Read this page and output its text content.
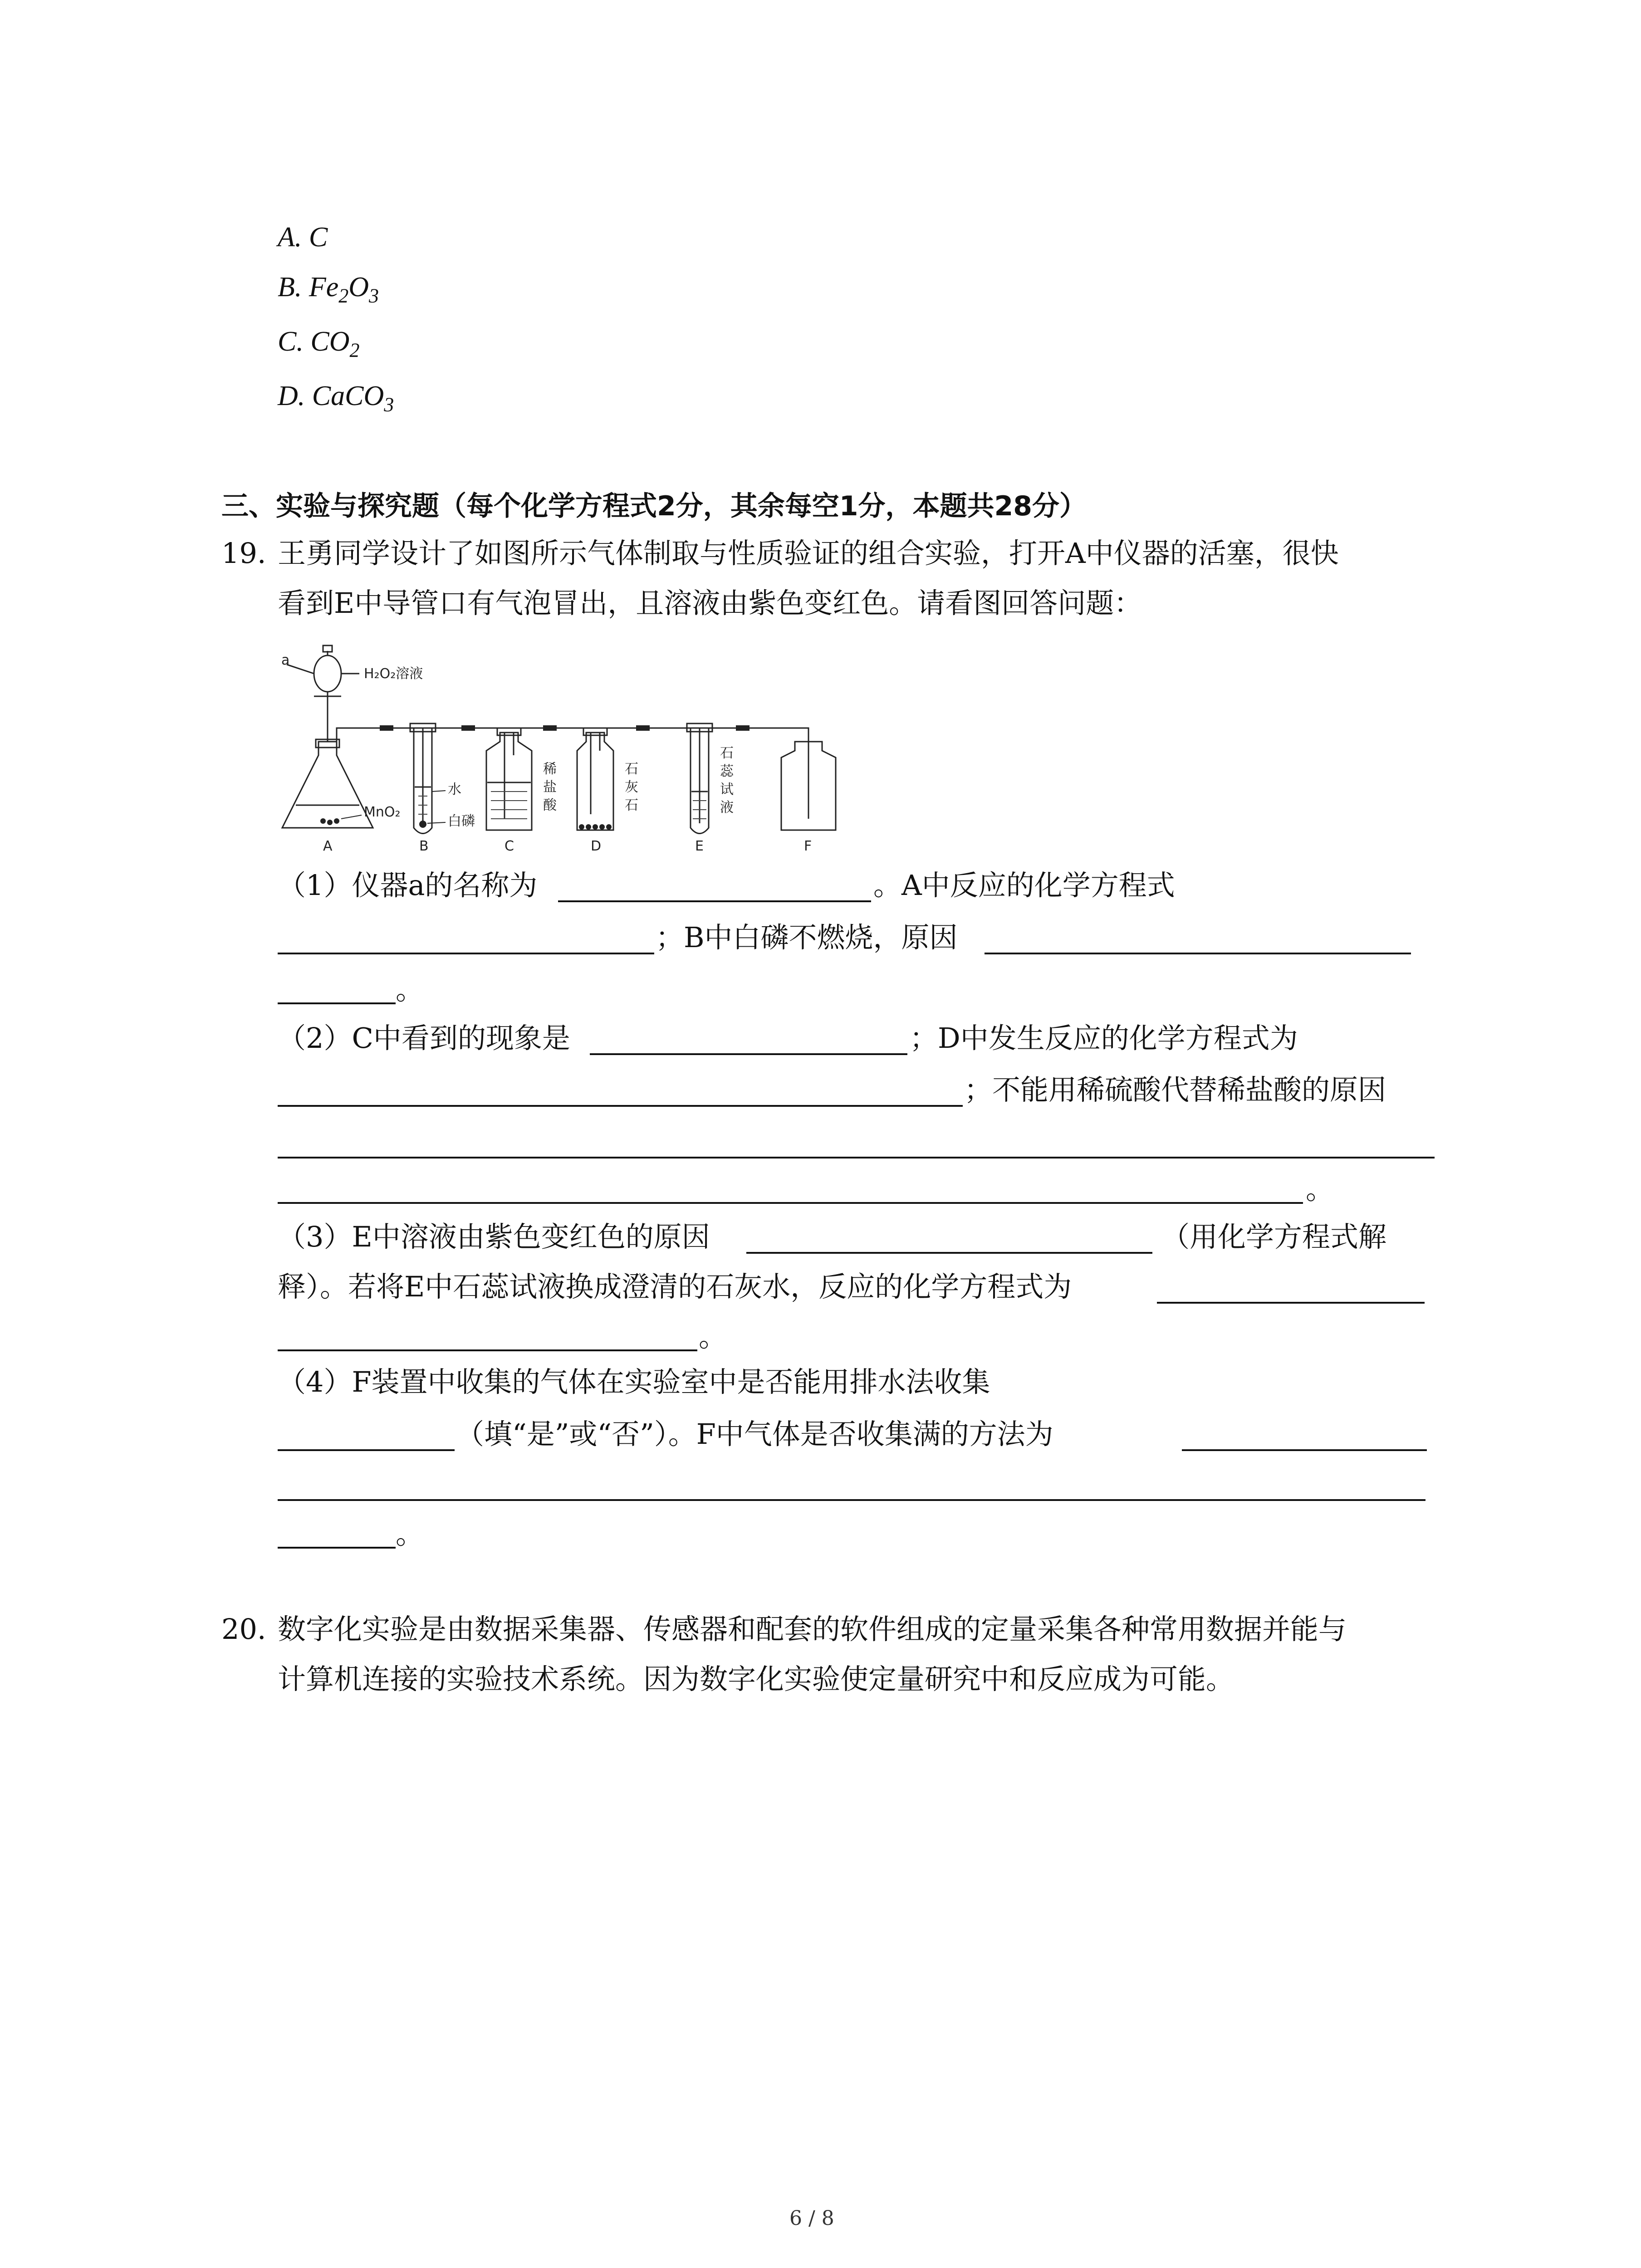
A. C
B. $Fe_2O_3$
C. $CO_2$
D. CaCO$_3$
三、实验与探究题（每个化学方程式2分，其余每空1分，本题共28分）
19. 王勇同学设计了如图所示气体制取与性质验证的组合实验，打开A中仪器的活塞，很快
看到E中导管口有气泡冒出，且溶液由紫色变红色。请看图回答问题：
a
H₂O₂溶液
MnO₂
水
白磷
稀
盐
酸
石
灰
石
石
蕊
试
液
A	B	C	D	E	F
（1）仪器a的名称为	。A中反应的化学方程式
；B中白磷不燃烧，原因
。
（2）C中看到的现象是	；D中发生反应的化学方程式为
；不能用稀硫酸代替稀盐酸的原因
。
（3）E中溶液由紫色变红色的原因	（用化学方程式解
释）。若将E中石蕊试液换成澄清的石灰水，反应的化学方程式为
。
（4）F装置中收集的气体在实验室中是否能用排水法收集
（填“是”或“否”）。F中气体是否收集满的方法为
。
20. 数字化实验是由数据采集器、传感器和配套的软件组成的定量采集各种常用数据并能与
计算机连接的实验技术系统。因为数字化实验使定量研究中和反应成为可能。
6 / 8
